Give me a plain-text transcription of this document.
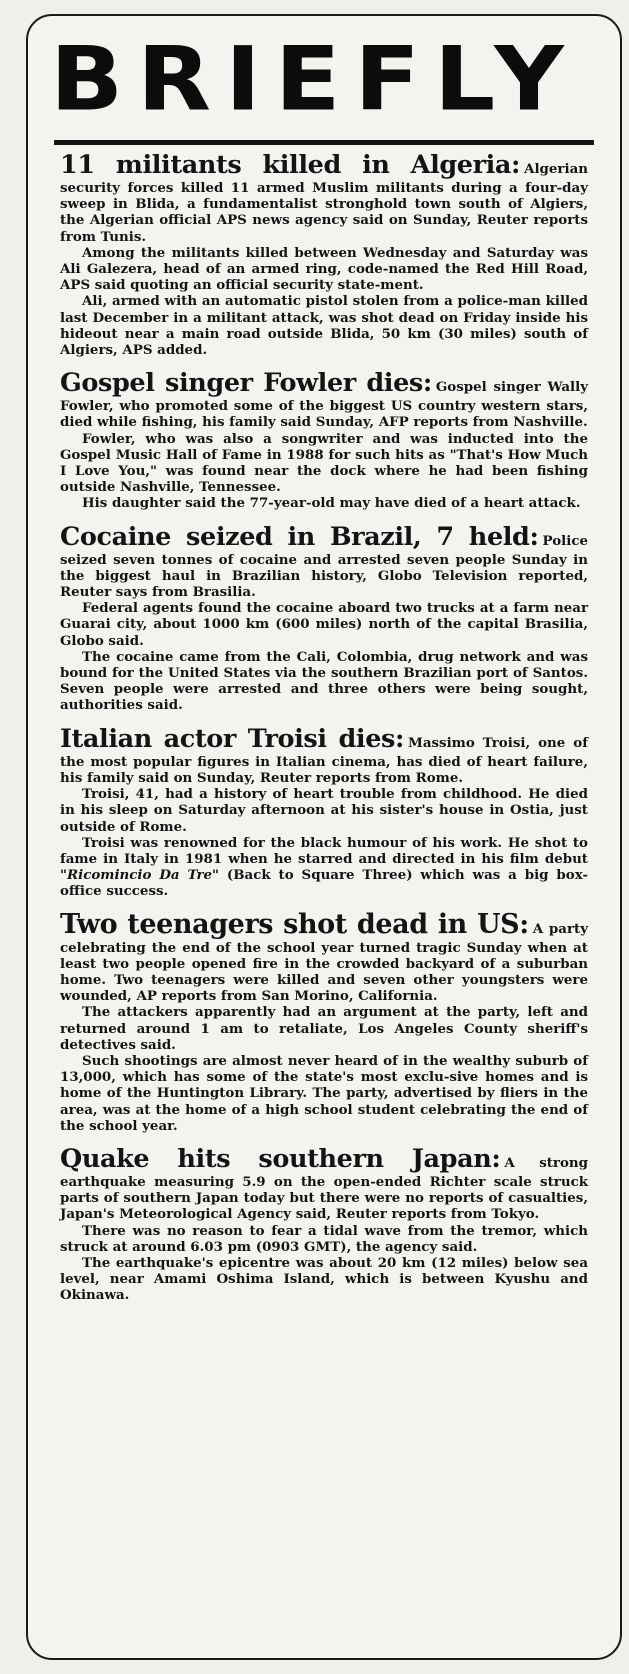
BRIEFLY

11 militants killed in Algeria: Algerian security forces killed 11 armed Muslim militants during a four-day sweep in Blida, a fundamentalist stronghold town south of Algiers, the Algerian official APS news agency said on Sunday, Reuter reports from Tunis.

Among the militants killed between Wednesday and Saturday was Ali Galezera, head of an armed ring, code-named the Red Hill Road, APS said quoting an official security state-ment.

Ali, armed with an automatic pistol stolen from a police-man killed last December in a militant attack, was shot dead on Friday inside his hideout near a main road outside Blida, 50 km (30 miles) south of Algiers, APS added.

Gospel singer Fowler dies: Gospel singer Wally Fowler, who promoted some of the biggest US country western stars, died while fishing, his family said Sunday, AFP reports from Nashville.

Fowler, who was also a songwriter and was inducted into the Gospel Music Hall of Fame in 1988 for such hits as "That's How Much I Love You," was found near the dock where he had been fishing outside Nashville, Tennessee.

His daughter said the 77-year-old may have died of a heart attack.

Cocaine seized in Brazil, 7 held: Police seized seven tonnes of cocaine and arrested seven people Sunday in the biggest haul in Brazilian history, Globo Television reported, Reuter says from Brasilia.

Federal agents found the cocaine aboard two trucks at a farm near Guarai city, about 1000 km (600 miles) north of the capital Brasilia, Globo said.

The cocaine came from the Cali, Colombia, drug network and was bound for the United States via the southern Brazilian port of Santos. Seven people were arrested and three others were being sought, authorities said.

Italian actor Troisi dies: Massimo Troisi, one of the most popular figures in Italian cinema, has died of heart failure, his family said on Sunday, Reuter reports from Rome.

Troisi, 41, had a history of heart trouble from childhood. He died in his sleep on Saturday afternoon at his sister's house in Ostia, just outside of Rome.

Troisi was renowned for the black humour of his work. He shot to fame in Italy in 1981 when he starred and directed in his film debut "Ricomincio Da Tre" (Back to Square Three) which was a big box-office success.

Two teenagers shot dead in US: A party celebrating the end of the school year turned tragic Sunday when at least two people opened fire in the crowded backyard of a suburban home. Two teenagers were killed and seven other youngsters were wounded, AP reports from San Morino, California.

The attackers apparently had an argument at the party, left and returned around 1 am to retaliate, Los Angeles County sheriff's detectives said.

Such shootings are almost never heard of in the wealthy suburb of 13,000, which has some of the state's most exclu-sive homes and is home of the Huntington Library. The party, advertised by fliers in the area, was at the home of a high school student celebrating the end of the school year.

Quake hits southern Japan: A strong earthquake measuring 5.9 on the open-ended Richter scale struck parts of southern Japan today but there were no reports of casualties, Japan's Meteorological Agency said, Reuter reports from Tokyo.

There was no reason to fear a tidal wave from the tremor, which struck at around 6.03 pm (0903 GMT), the agency said.

The earthquake's epicentre was about 20 km (12 miles) below sea level, near Amami Oshima Island, which is between Kyushu and Okinawa.
